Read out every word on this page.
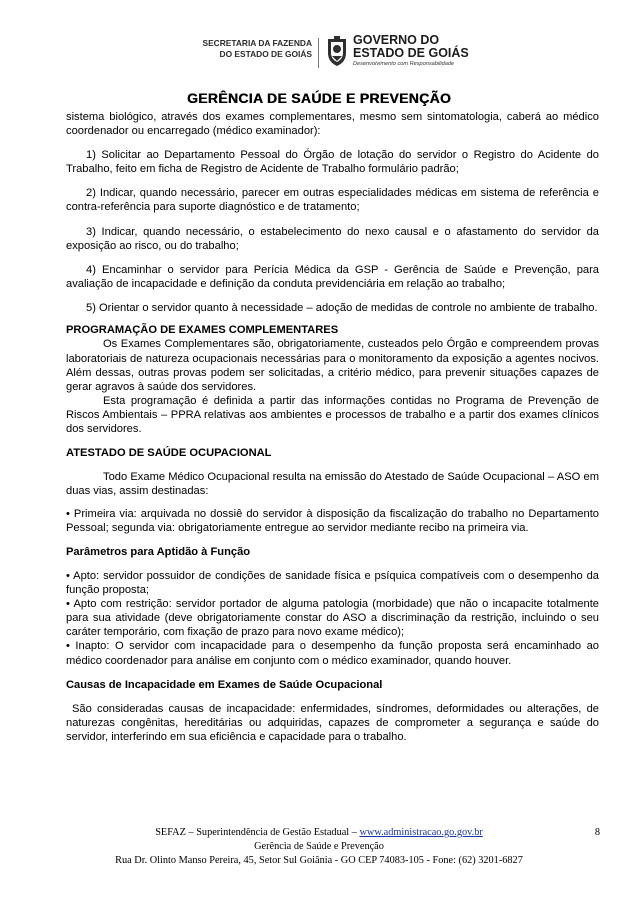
SECRETARIA DA FAZENDA
DO ESTADO DE GOIÁS
GOVERNO DO
ESTADO DE GOIÁS
Desenvolvimento com Responsabilidade
GERÊNCIA DE SAÚDE E PREVENÇÃO

sistema biológico, através dos exames complementares, mesmo sem sintomatologia, caberá ao médico coordenador ou encarregado (médico examinador):

1) Solicitar ao Departamento Pessoal do Órgão de lotação do servidor o Registro do Acidente do Trabalho, feito em ficha de Registro de Acidente de Trabalho formulário padrão;

2) Indicar, quando necessário, parecer em outras especialidades médicas em sistema de referência e contra-referência para suporte diagnóstico e de tratamento;

3) Indicar, quando necessário, o estabelecimento do nexo causal e o afastamento do servidor da exposição ao risco, ou do trabalho;

4) Encaminhar o servidor para Perícia Médica da GSP - Gerência de Saúde e Prevenção, para avaliação de incapacidade e definição da conduta previdenciária em relação ao trabalho;

5) Orientar o servidor quanto à necessidade – adoção de medidas de controle no ambiente de trabalho.

PROGRAMAÇÃO DE EXAMES COMPLEMENTARES

Os Exames Complementares são, obrigatoriamente, custeados pelo Órgão e compreendem provas laboratoriais de natureza ocupacionais necessárias para o monitoramento da exposição a agentes nocivos. Além dessas, outras provas podem ser solicitadas, a critério médico, para prevenir situações capazes de gerar agravos à saúde dos servidores.

Esta programação é definida a partir das informações contidas no Programa de Prevenção de Riscos Ambientais – PPRA relativas aos ambientes e processos de trabalho e a partir dos exames clínicos dos servidores.

ATESTADO DE SAÚDE OCUPACIONAL

Todo Exame Médico Ocupacional resulta na emissão do Atestado de Saúde Ocupacional – ASO em duas vias, assim destinadas:

• Primeira via: arquivada no dossiê do servidor à disposição da fiscalização do trabalho no Departamento Pessoal; segunda via: obrigatoriamente entregue ao servidor mediante recibo na primeira via.

Parâmetros para Aptidão à Função

• Apto: servidor possuidor de condições de sanidade física e psíquica compatíveis com o desempenho da função proposta;

• Apto com restrição: servidor portador de alguma patologia (morbidade) que não o incapacite totalmente para sua atividade (deve obrigatoriamente constar do ASO a discriminação da restrição, incluindo o seu caráter temporário, com fixação de prazo para novo exame médico);

• Inapto: O servidor com incapacidade para o desempenho da função proposta será encaminhado ao médico coordenador para análise em conjunto com o médico examinador, quando houver.

Causas de Incapacidade em Exames de Saúde Ocupacional

São consideradas causas de incapacidade: enfermidades, síndromes, deformidades ou alterações, de naturezas congênitas, hereditárias ou adquiridas, capazes de comprometer a segurança e saúde do servidor, interferindo em sua eficiência e capacidade para o trabalho.

SEFAZ – Superintendência de Gestão Estadual – www.administracao.go.gov.br	8
Gerência de Saúde e Prevenção
Rua Dr. Olinto Manso Pereira, 45, Setor Sul Goiânia - GO CEP 74083-105 - Fone: (62) 3201-6827
